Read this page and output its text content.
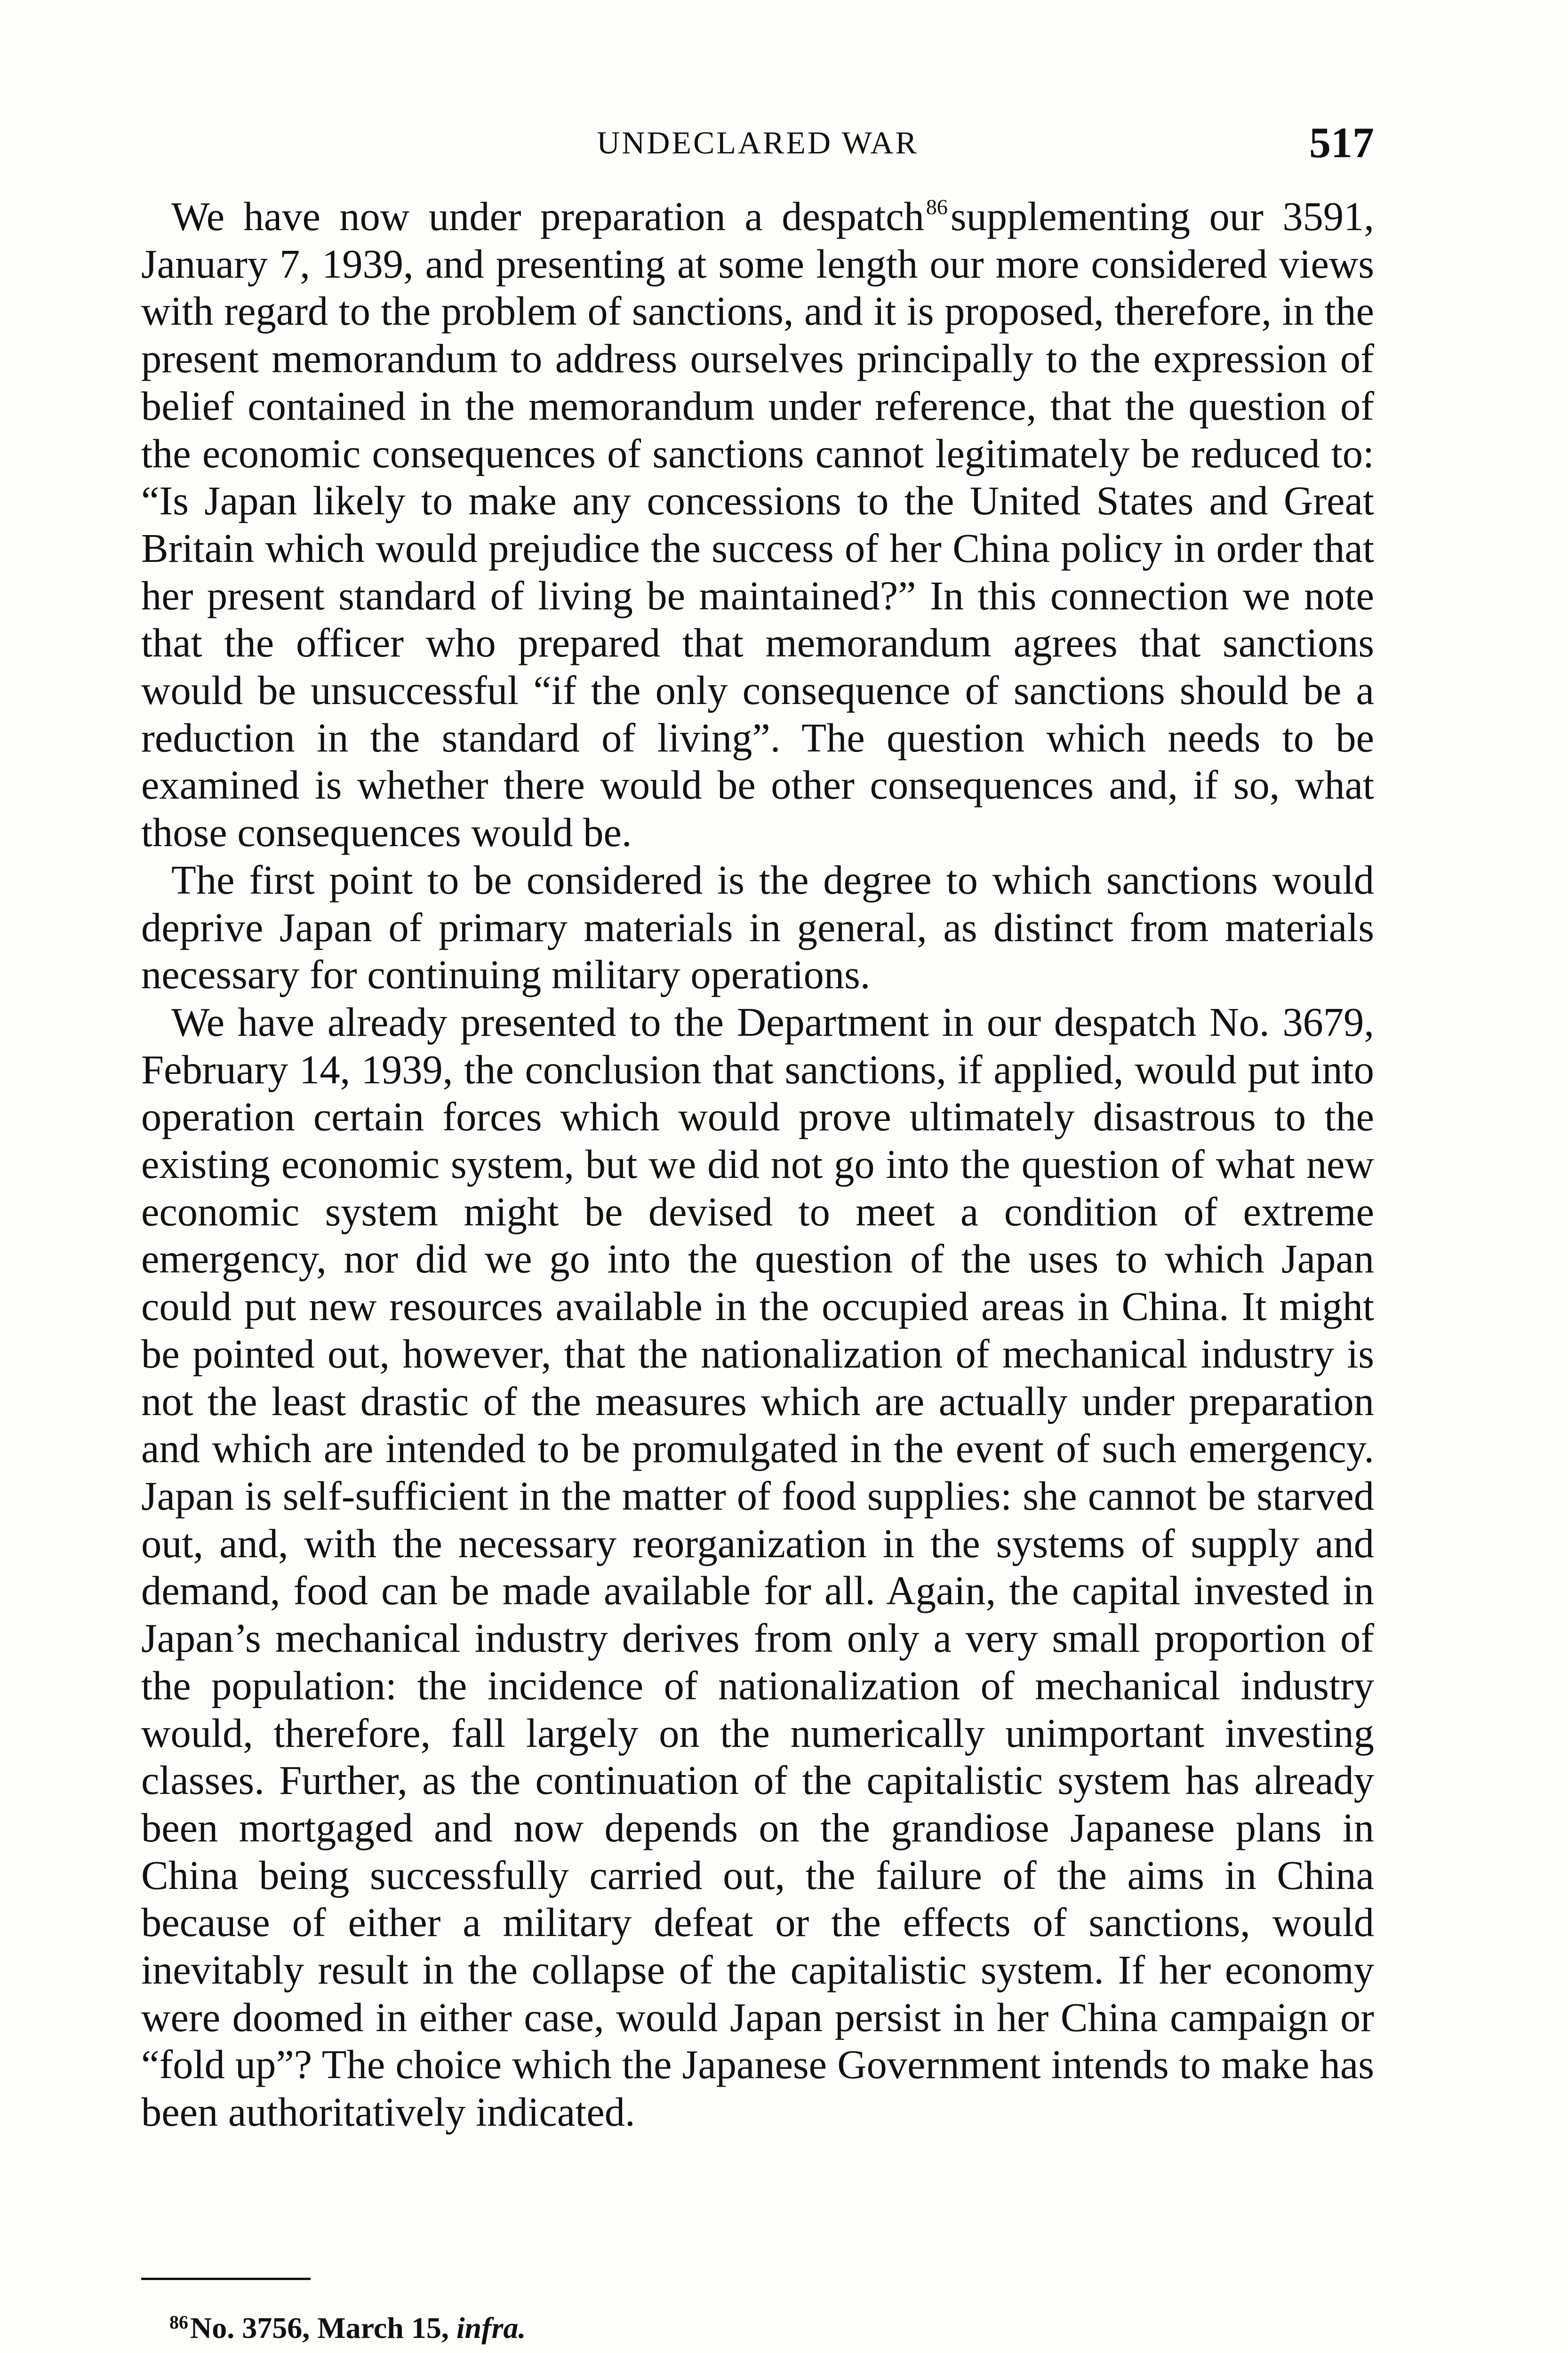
UNDECLARED WAR	517

We have now under preparation a despatch$^{86}$supplementing our 3591, January 7, 1939, and presenting at some length our more considered views with regard to the problem of sanctions, and it is proposed, therefore, in the present memorandum to address ourselves principally to the expression of belief contained in the memorandum under reference, that the question of the economic consequences of sanctions cannot legitimately be reduced to: “Is Japan likely to make any concessions to the United States and Great Britain which would prejudice the success of her China policy in order that her present standard of living be maintained?” In this connection we note that the officer who prepared that memorandum agrees that sanctions would be unsuccessful “if the only consequence of sanctions should be a reduction in the standard of living”. The question which needs to be examined is whether there would be other consequences and, if so, what those consequences would be.

The first point to be considered is the degree to which sanctions would deprive Japan of primary materials in general, as distinct from materials necessary for continuing military operations.

We have already presented to the Department in our despatch No. 3679, February 14, 1939, the conclusion that sanctions, if applied, would put into operation certain forces which would prove ultimately disastrous to the existing economic system, but we did not go into the question of what new economic system might be devised to meet a condition of extreme emergency, nor did we go into the question of the uses to which Japan could put new resources available in the occupied areas in China. It might be pointed out, however, that the nationalization of mechanical industry is not the least drastic of the measures which are actually under preparation and which are intended to be promulgated in the event of such emergency. Japan is self-sufficient in the matter of food supplies: she cannot be starved out, and, with the necessary reorganization in the systems of supply and demand, food can be made available for all. Again, the capital invested in Japan’s mechanical industry derives from only a very small proportion of the population: the incidence of nationalization of mechanical industry would, therefore, fall largely on the numerically unimportant investing classes. Further, as the continuation of the capitalistic system has already been mortgaged and now depends on the grandiose Japanese plans in China being successfully carried out, the failure of the aims in China because of either a military defeat or the effects of sanctions, would inevitably result in the collapse of the capitalistic system. If her economy were doomed in either case, would Japan persist in her China campaign or “fold up”? The choice which the Japanese Government intends to make has been authoritatively indicated.

$^{86}$No. 3756, March 15, infra.
